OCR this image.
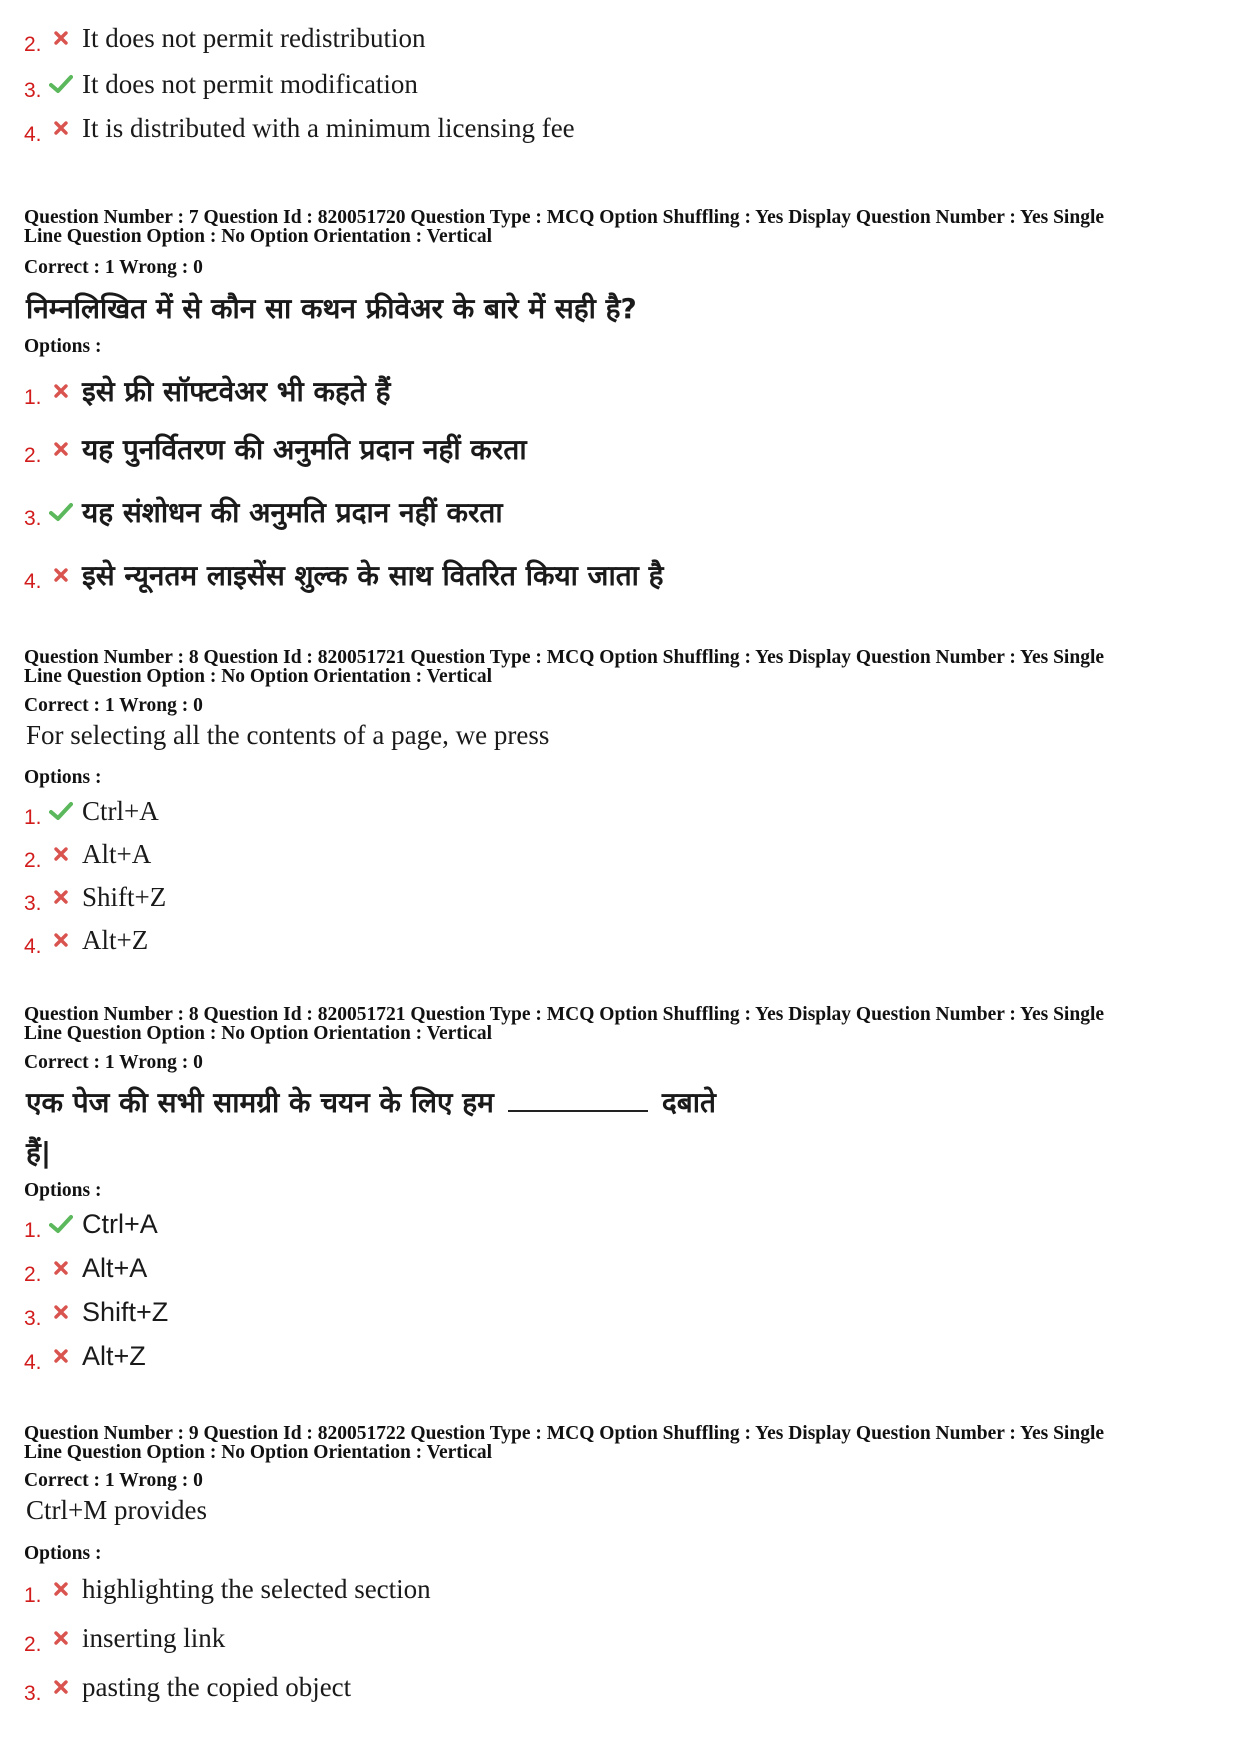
2. It does not permit redistribution
3. It does not permit modification
4. It is distributed with a minimum licensing fee
Question Number : 7 Question Id : 820051720 Question Type : MCQ Option Shuffling : Yes Display Question Number : Yes Single
Line Question Option : No Option Orientation : Vertical
Correct : 1 Wrong : 0
निम्नलिखित में से कौन सा कथन फ्रीवेअर के बारे में सही है?
Options :
1. इसे फ्री सॉफ्टवेअर भी कहते हैं
2. यह पुनर्वितरण की अनुमति प्रदान नहीं करता
3. यह संशोधन की अनुमति प्रदान नहीं करता
4. इसे न्यूनतम लाइसेंस शुल्क के साथ वितरित किया जाता है
Question Number : 8 Question Id : 820051721 Question Type : MCQ Option Shuffling : Yes Display Question Number : Yes Single
Line Question Option : No Option Orientation : Vertical
Correct : 1 Wrong : 0
For selecting all the contents of a page, we press
Options :
1. Ctrl+A
2. Alt+A
3. Shift+Z
4. Alt+Z
Question Number : 8 Question Id : 820051721 Question Type : MCQ Option Shuffling : Yes Display Question Number : Yes Single
Line Question Option : No Option Orientation : Vertical
Correct : 1 Wrong : 0
एक पेज की सभी सामग्री के चयन के लिए हम	दबाते
हैं|
Options :
1. Ctrl+A
2. Alt+A
3. Shift+Z
4. Alt+Z
Question Number : 9 Question Id : 820051722 Question Type : MCQ Option Shuffling : Yes Display Question Number : Yes Single
Line Question Option : No Option Orientation : Vertical
Correct : 1 Wrong : 0
Ctrl+M provides
Options :
1. highlighting the selected section
2. inserting link
3. pasting the copied object
